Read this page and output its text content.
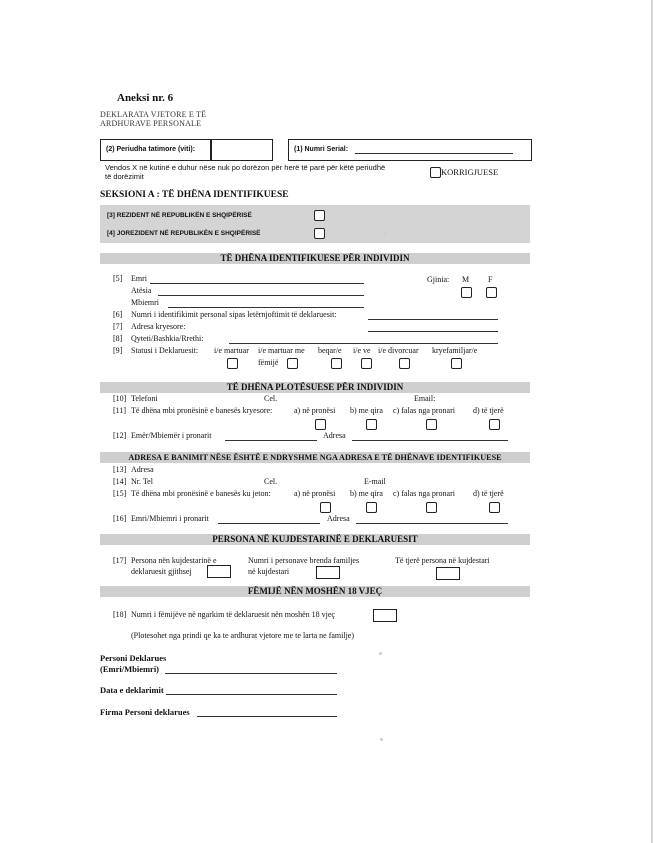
Aneksi nr. 6
DEKLARATA VJETORE E TË
ARDHURAVE PERSONALE
(2) Periudha tatimore (viti):	(1) Numri Serial:
Vendos X në kutinë e duhur nëse nuk po dorëzon për herë të parë për këtë periudhë
të dorëzimit	KORRIGJUESE
SEKSIONI A : TË DHËNA IDENTIFIKUESE
[3] REZIDENT NË REPUBLIKËN E SHQIPËRISË
[4] JOREZIDENT NË REPUBLIKËN E SHQIPËRISË
TË DHËNA IDENTIFIKUESE PËR INDIVIDIN
[5] Emri
Atësia
Mbiemri
Gjinia: M F
[6] Numri i identifikimit personal sipas letërnjoftimit të deklaruesit:
[7] Adresa kryesore:
[8] Qyteti/Bashkia/Rrethi:
[9] Statusi i Deklaruesit: i/e martuar i/e martuar me
fëmijë
beqar/e i/e ve i/e divorcuar kryefamiljar/e
TË DHËNA PLOTËSUESE PËR INDIVIDIN
[10] Telefoni	Cel.	Email:
[11] Të dhëna mbi pronësinë e banesës kryesore:	a) në pronësi b) me qira c) falas nga pronari d) të tjerë
[12] Emër/Mbiemër i pronarit	Adresa
ADRESA E BANIMIT NËSE ËSHTË E NDRYSHME NGA ADRESA E TË DHËNAVE IDENTIFIKUESE
[13] Adresa
[14] Nr. Tel	Cel.	E-mail
[15] Të dhëna mbi pronësinë e banesës ku jeton:	a) në pronësi b) me qira c) falas nga pronari d) të tjerë
[16] Emri/Mbiemri i pronarit	Adresa
PERSONA NË KUJDESTARINË E DEKLARUESIT
[17] Persona nën kujdestarinë e
deklaruesit gjithsej
Numri i personave brenda familjes
në kujdestari
Të tjerë persona në kujdestari
FËMIJË NËN MOSHËN 18 VJEÇ
[18] Numri i fëmijëve në ngarkim të deklaruesit nën moshën 18 vjeç
(Plotesohet nga prindi qe ka te ardhurat vjetore me te larta ne familje)
Personi Deklarues
(Emri/Mbiemri)
Data e deklarimit
Firma Personi deklarues
